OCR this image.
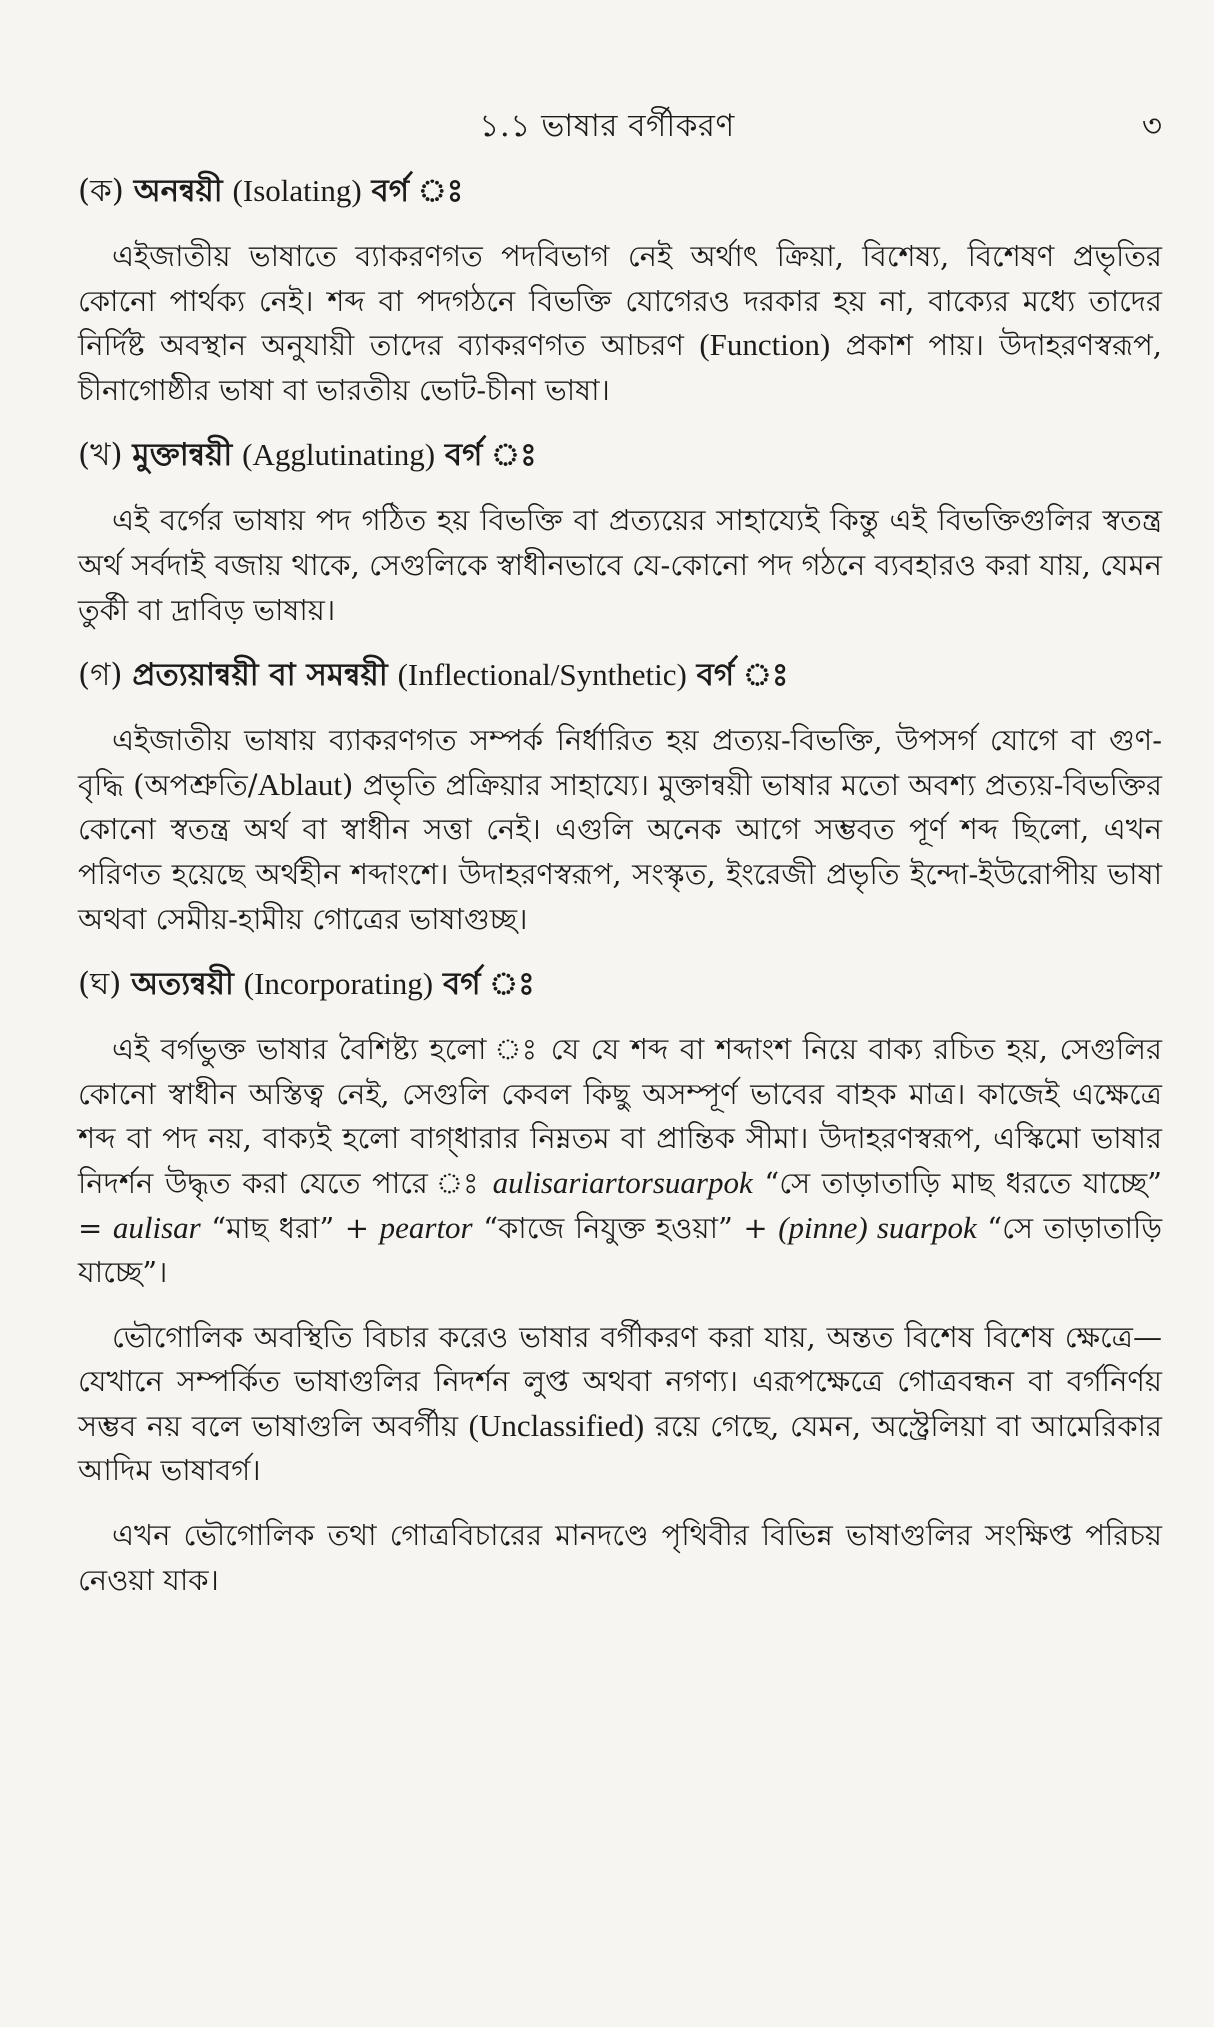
১.১ ভাষার বর্গীকরণ	৩
(ক) অনন্বয়ী (Isolating) বর্গ ঃ

এইজাতীয় ভাষাতে ব্যাকরণগত পদবিভাগ নেই অর্থাৎ ক্রিয়া, বিশেষ্য, বিশেষণ প্রভৃতির কোনো পার্থক্য নেই। শব্দ বা পদগঠনে বিভক্তি যোগেরও দরকার হয় না, বাক্যের মধ্যে তাদের নির্দিষ্ট অবস্থান অনুযায়ী তাদের ব্যাকরণগত আচরণ (Function) প্রকাশ পায়। উদাহরণস্বরূপ, চীনাগোষ্ঠীর ভাষা বা ভারতীয় ভোট-চীনা ভাষা।

(খ) মুক্তান্বয়ী (Agglutinating) বর্গ ঃ

এই বর্গের ভাষায় পদ গঠিত হয় বিভক্তি বা প্রত্যয়ের সাহায্যেই কিন্তু এই বিভক্তিগুলির স্বতন্ত্র অর্থ সর্বদাই বজায় থাকে, সেগুলিকে স্বাধীনভাবে যে-কোনো পদ গঠনে ব্যবহারও করা যায়, যেমন তুর্কী বা দ্রাবিড় ভাষায়।

(গ) প্রত্যয়ান্বয়ী বা সমন্বয়ী (Inflectional/Synthetic) বর্গ ঃ

এইজাতীয় ভাষায় ব্যাকরণগত সম্পর্ক নির্ধারিত হয় প্রত্যয়-বিভক্তি, উপসর্গ যোগে বা গুণ-বৃদ্ধি (অপশ্রুতি/Ablaut) প্রভৃতি প্রক্রিয়ার সাহায্যে। মুক্তান্বয়ী ভাষার মতো অবশ্য প্রত্যয়-বিভক্তির কোনো স্বতন্ত্র অর্থ বা স্বাধীন সত্তা নেই। এগুলি অনেক আগে সম্ভবত পূর্ণ শব্দ ছিলো, এখন পরিণত হয়েছে অর্থহীন শব্দাংশে। উদাহরণস্বরূপ, সংস্কৃত, ইংরেজী প্রভৃতি ইন্দো-ইউরোপীয় ভাষা অথবা সেমীয়-হামীয় গোত্রের ভাষাগুচ্ছ।

(ঘ) অত্যন্বয়ী (Incorporating) বর্গ ঃ

এই বর্গভুক্ত ভাষার বৈশিষ্ট্য হলো ঃ যে যে শব্দ বা শব্দাংশ নিয়ে বাক্য রচিত হয়, সেগুলির কোনো স্বাধীন অস্তিত্ব নেই, সেগুলি কেবল কিছু অসম্পূর্ণ ভাবের বাহক মাত্র। কাজেই এক্ষেত্রে শব্দ বা পদ নয়, বাক্যই হলো বাগ্‌ধারার নিম্নতম বা প্রান্তিক সীমা। উদাহরণস্বরূপ, এস্কিমো ভাষার নিদর্শন উদ্ধৃত করা যেতে পারে ঃ aulisariartorsuarpok “সে তাড়াতাড়ি মাছ ধরতে যাচ্ছে” = aulisar “মাছ ধরা” + peartor “কাজে নিযুক্ত হওয়া” + (pinne) suarpok “সে তাড়াতাড়ি যাচ্ছে”।

ভৌগোলিক অবস্থিতি বিচার করেও ভাষার বর্গীকরণ করা যায়, অন্তত বিশেষ বিশেষ ক্ষেত্রে—যেখানে সম্পর্কিত ভাষাগুলির নিদর্শন লুপ্ত অথবা নগণ্য। এরূপক্ষেত্রে গোত্রবন্ধন বা বর্গনির্ণয় সম্ভব নয় বলে ভাষাগুলি অবর্গীয় (Unclassified) রয়ে গেছে, যেমন, অস্ট্রেলিয়া বা আমেরিকার আদিম ভাষাবর্গ।

এখন ভৌগোলিক তথা গোত্রবিচারের মানদণ্ডে পৃথিবীর বিভিন্ন ভাষাগুলির সংক্ষিপ্ত পরিচয় নেওয়া যাক।
